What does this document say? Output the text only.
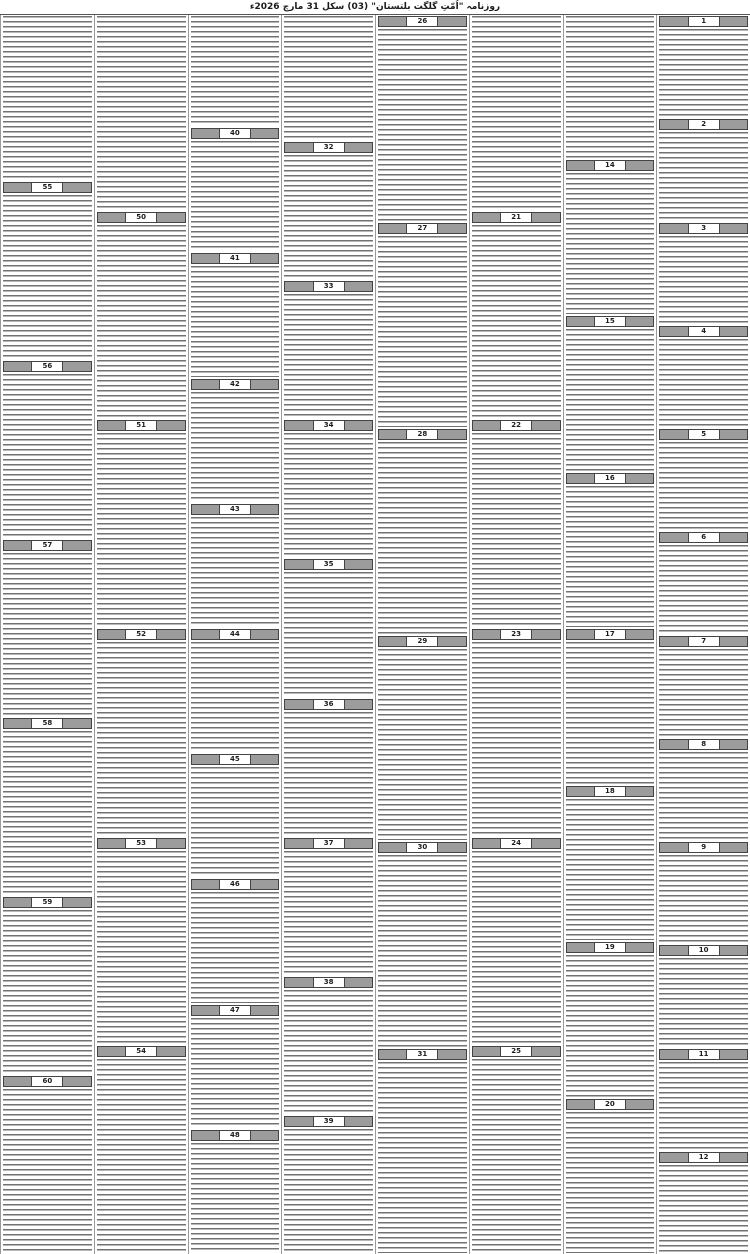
روزنامہ "اُمّتِ گلگت بلتستان" (03) سکل 31 مارچ 2026ء
1
2
3
4
5
6
7
8
9
10
11
12
14
15
16
17
18
19
20
21
22
23
24
25
26
27
28
29
30
31
32
33
34
35
36
37
38
39
40
41
42
43
44
45
46
47
48
50
51
52
53
54
55
56
57
58
59
60
